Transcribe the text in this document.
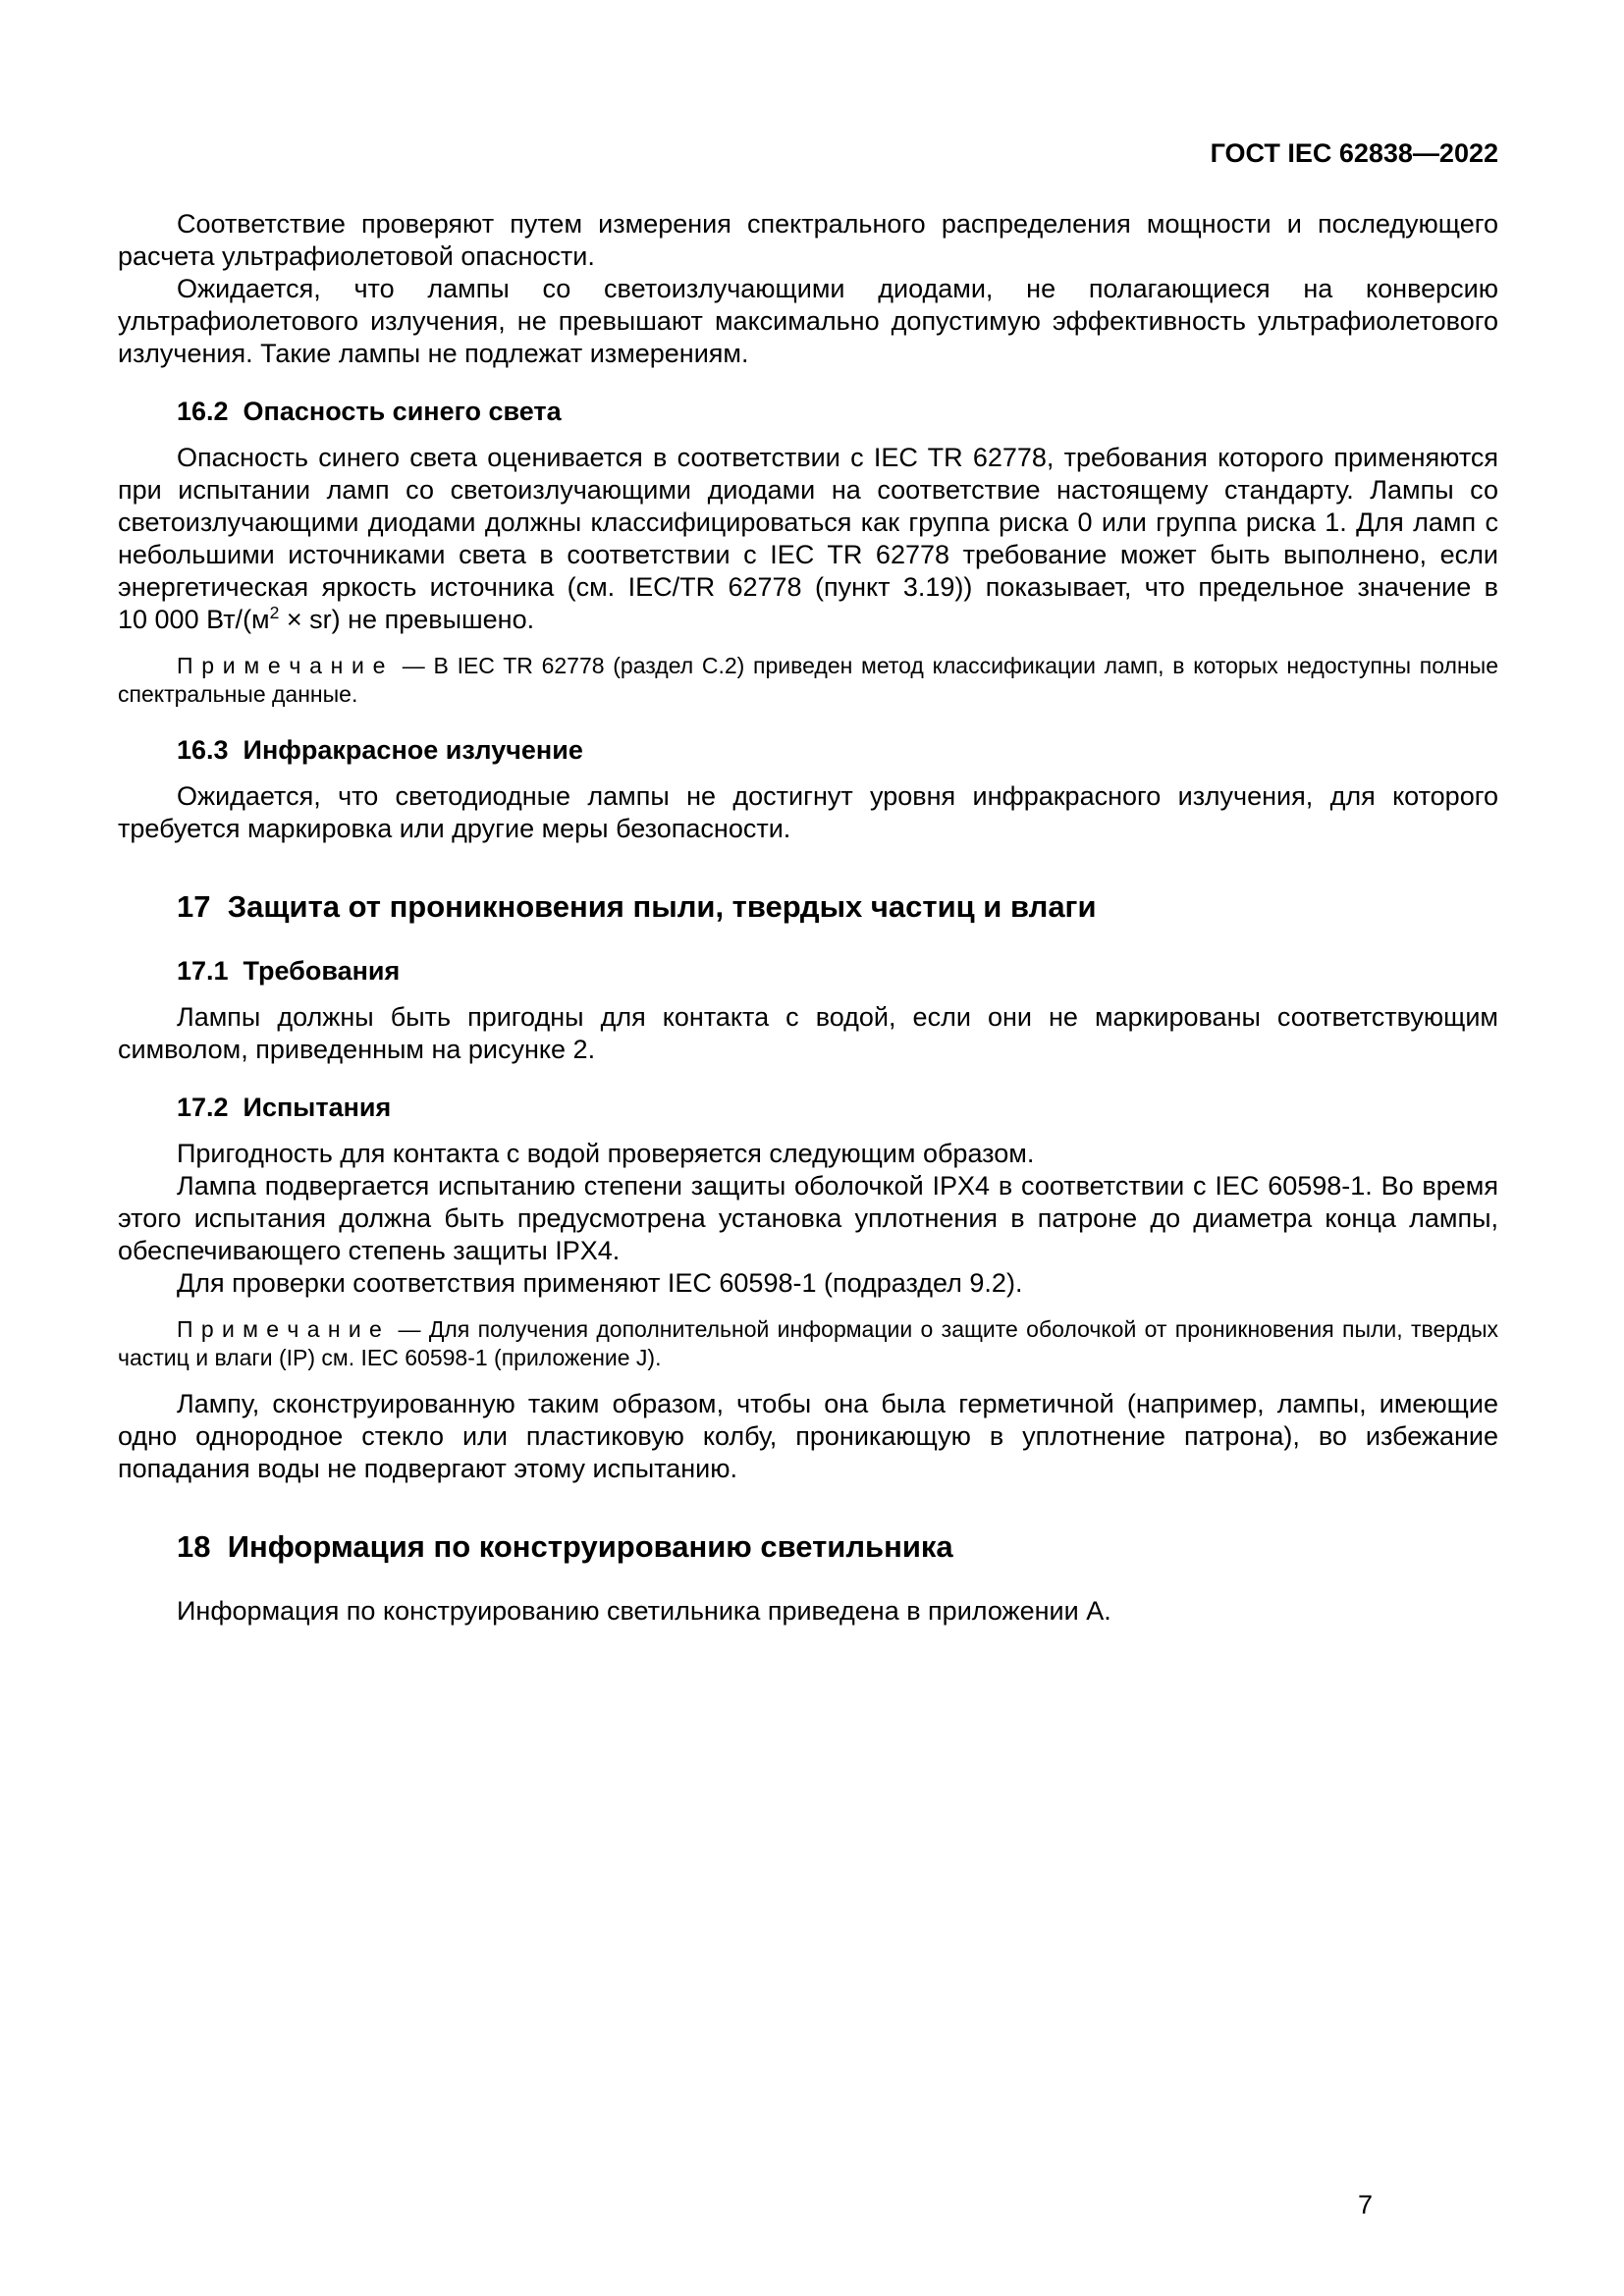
ГОСТ IEC 62838—2022

Соответствие проверяют путем измерения спектрального распределения мощности и последующего расчета ультрафиолетовой опасности.

Ожидается, что лампы со светоизлучающими диодами, не полагающиеся на конверсию ультрафиолетового излучения, не превышают максимально допустимую эффективность ультрафиолетового излучения. Такие лампы не подлежат измерениям.

16.2  Опасность синего света

Опасность синего света оценивается в соответствии с IEC TR 62778, требования которого применяются при испытании ламп со светоизлучающими диодами на соответствие настоящему стандарту. Лампы со светоизлучающими диодами должны классифицироваться как группа риска 0 или группа риска 1. Для ламп с небольшими источниками света в соответствии с IEC TR 62778 требование может быть выполнено, если энергетическая яркость источника (см. IEC/TR 62778 (пункт 3.19)) показывает, что предельное значение в 10 000 $Вт/(м^2 \times sr)$ не превышено.

П р и м е ч а н и е  — В IEC TR 62778 (раздел C.2) приведен метод классификации ламп, в которых недоступны полные спектральные данные.

16.3  Инфракрасное излучение

Ожидается, что светодиодные лампы не достигнут уровня инфракрасного излучения, для которого требуется маркировка или другие меры безопасности.

17  Защита от проникновения пыли, твердых частиц и влаги
17.1  Требования

Лампы должны быть пригодны для контакта с водой, если они не маркированы соответствующим символом, приведенным на рисунке 2.

17.2  Испытания

Пригодность для контакта с водой проверяется следующим образом.

Лампа подвергается испытанию степени защиты оболочкой IPX4 в соответствии с IEC 60598-1. Во время этого испытания должна быть предусмотрена установка уплотнения в патроне до диаметра конца лампы, обеспечивающего степень защиты IPX4.

Для проверки соответствия применяют IEC 60598-1 (подраздел 9.2).

П р и м е ч а н и е  — Для получения дополнительной информации о защите оболочкой от проникновения пыли, твердых частиц и влаги (IP) см. IEC 60598-1 (приложение J).

Лампу, сконструированную таким образом, чтобы она была герметичной (например, лампы, имеющие одно однородное стекло или пластиковую колбу, проникающую в уплотнение патрона), во избежание попадания воды не подвергают этому испытанию.

18  Информация по конструированию светильника

Информация по конструированию светильника приведена в приложении А.

7
